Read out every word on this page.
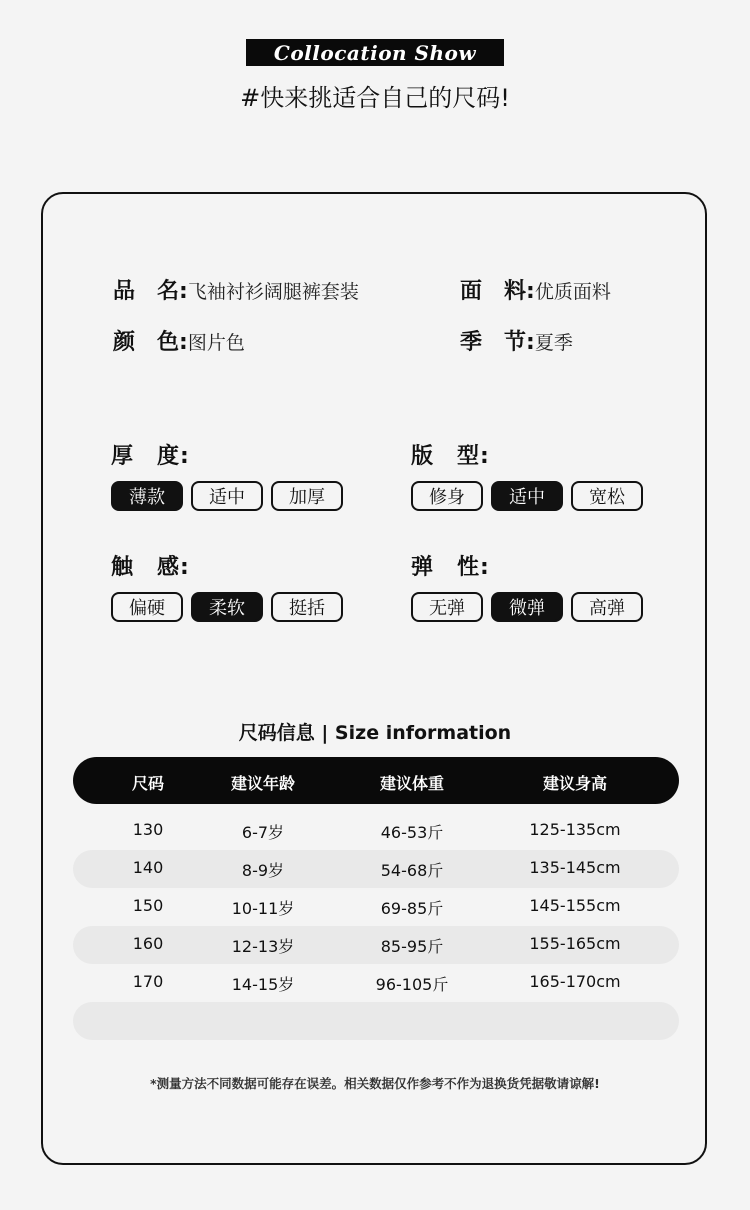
Collocation Show
#快来挑适合自己的尺码!
品　名: 飞袖衬衫阔腿裤套装	面　料: 优质面料
颜　色: 图片色	季　节: 夏季
厚　度:
薄款	适中	加厚
版　型:
修身	适中	宽松
触　感:
偏硬	柔软	挺括
弹　性:
无弹	微弹	高弹
尺码信息 | Size information
尺码	建议年龄	建议体重	建议身高
130	6-7岁	46-53斤	125-135cm
140	8-9岁	54-68斤	135-145cm
150	10-11岁	69-85斤	145-155cm
160	12-13岁	85-95斤	155-165cm
170	14-15岁	96-105斤	165-170cm
*测量方法不同数据可能存在误差。相关数据仅作参考不作为退换货凭据敬请谅解!
